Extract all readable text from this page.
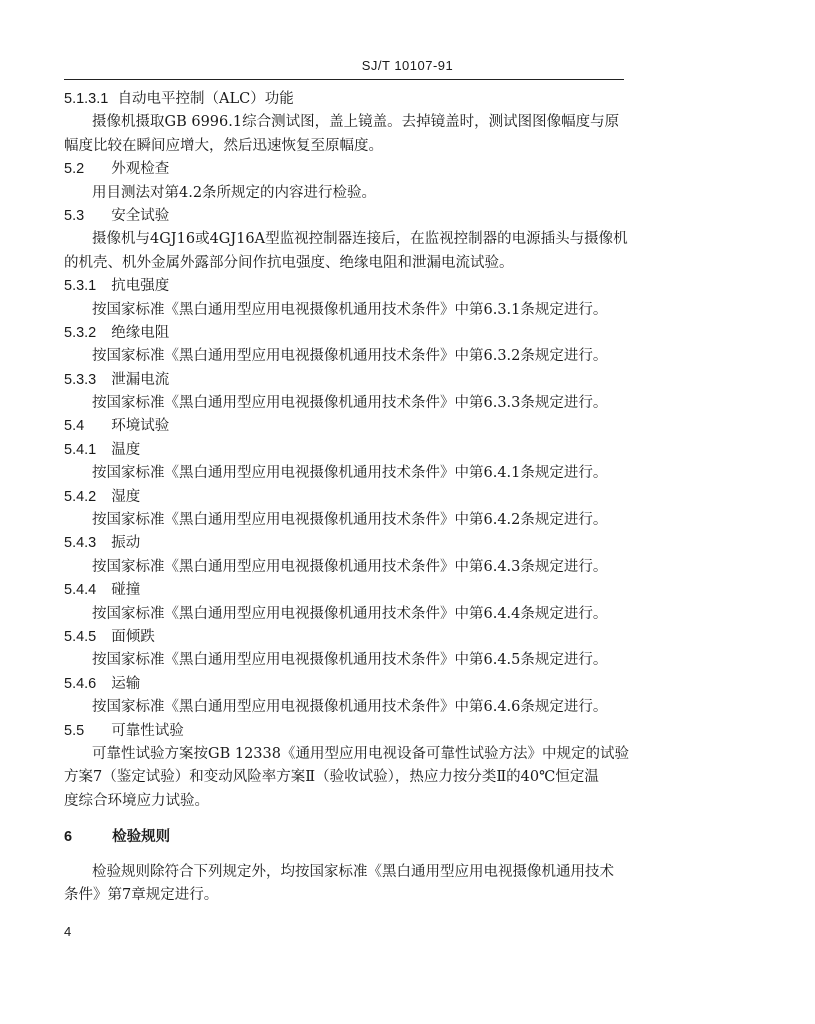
SJ/T 10107-91
5.1.3.1 自动电平控制（ALC）功能
摄像机摄取GB 6996.1综合测试图，盖上镜盖。去掉镜盖时，测试图图像幅度与原
幅度比较在瞬间应增大，然后迅速恢复至原幅度。
5.2 外观检查
用目测法对第4.2条所规定的内容进行检验。
5.3 安全试验
摄像机与4GJ16或4GJ16A型监视控制器连接后，在监视控制器的电源插头与摄像机
的机壳、机外金属外露部分间作抗电强度、绝缘电阻和泄漏电流试验。
5.3.1 抗电强度
按国家标准《黑白通用型应用电视摄像机通用技术条件》中第6.3.1条规定进行。
5.3.2 绝缘电阻
按国家标准《黑白通用型应用电视摄像机通用技术条件》中第6.3.2条规定进行。
5.3.3 泄漏电流
按国家标准《黑白通用型应用电视摄像机通用技术条件》中第6.3.3条规定进行。
5.4 环境试验
5.4.1 温度
按国家标准《黑白通用型应用电视摄像机通用技术条件》中第6.4.1条规定进行。
5.4.2 湿度
按国家标准《黑白通用型应用电视摄像机通用技术条件》中第6.4.2条规定进行。
5.4.3 振动
按国家标准《黑白通用型应用电视摄像机通用技术条件》中第6.4.3条规定进行。
5.4.4 碰撞
按国家标准《黑白通用型应用电视摄像机通用技术条件》中第6.4.4条规定进行。
5.4.5 面倾跌
按国家标准《黑白通用型应用电视摄像机通用技术条件》中第6.4.5条规定进行。
5.4.6 运输
按国家标准《黑白通用型应用电视摄像机通用技术条件》中第6.4.6条规定进行。
5.5 可靠性试验
可靠性试验方案按GB 12338《通用型应用电视设备可靠性试验方法》中规定的试验
方案7（鉴定试验）和变动风险率方案Ⅱ（验收试验），热应力按分类Ⅱ的40℃恒定温
度综合环境应力试验。
6	检验规则
检验规则除符合下列规定外，均按国家标准《黑白通用型应用电视摄像机通用技术
条件》第7章规定进行。
4
